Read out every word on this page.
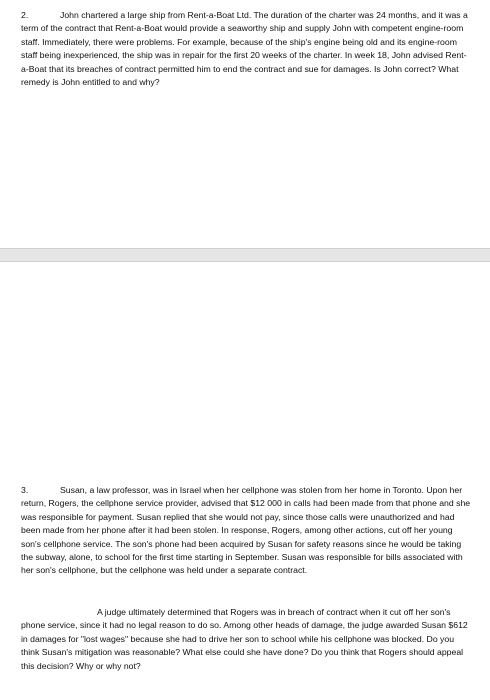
2.	John chartered a large ship from Rent-a-Boat Ltd. The duration of the charter was 24 months, and it was a term of the contract that Rent-a-Boat would provide a seaworthy ship and supply John with competent engine-room staff. Immediately, there were problems. For example, because of the ship's engine being old and its engine-room staff being inexperienced, the ship was in repair for the first 20 weeks of the charter. In week 18, John advised Rent-a-Boat that its breaches of contract permitted him to end the contract and sue for damages. Is John correct? What remedy is John entitled to and why?

3.	Susan, a law professor, was in Israel when her cellphone was stolen from her home in Toronto. Upon her return, Rogers, the cellphone service provider, advised that $12 000 in calls had been made from that phone and she was responsible for payment. Susan replied that she would not pay, since those calls were unauthorized and had been made from her phone after it had been stolen. In response, Rogers, among other actions, cut off her young son's cellphone service. The son's phone had been acquired by Susan for safety reasons since he would be taking the subway, alone, to school for the first time starting in September. Susan was responsible for bills associated with her son's cellphone, but the cellphone was held under a separate contract.

A judge ultimately determined that Rogers was in breach of contract when it cut off her son's phone service, since it had no legal reason to do so. Among other heads of damage, the judge awarded Susan $612 in damages for "lost wages" because she had to drive her son to school while his cellphone was blocked. Do you think Susan's mitigation was reasonable? What else could she have done? Do you think that Rogers should appeal this decision? Why or why not?
